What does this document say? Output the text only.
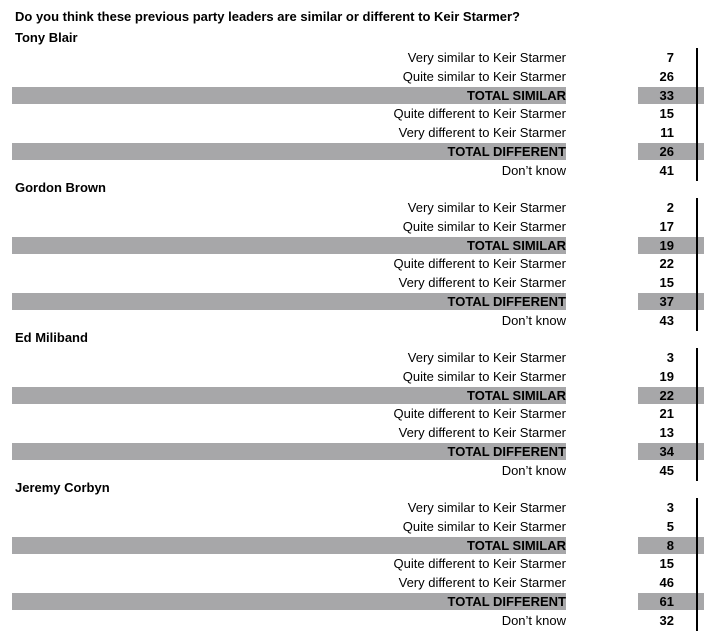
Do you think these previous party leaders are similar or different to Keir Starmer?
Tony Blair
Very similar to Keir Starmer	7
Quite similar to Keir Starmer	26
TOTAL SIMILAR	33
Quite different to Keir Starmer	15
Very different to Keir Starmer	11
TOTAL DIFFERENT	26
Don’t know	41
Gordon Brown
Very similar to Keir Starmer	2
Quite similar to Keir Starmer	17
TOTAL SIMILAR	19
Quite different to Keir Starmer	22
Very different to Keir Starmer	15
TOTAL DIFFERENT	37
Don’t know	43
Ed Miliband
Very similar to Keir Starmer	3
Quite similar to Keir Starmer	19
TOTAL SIMILAR	22
Quite different to Keir Starmer	21
Very different to Keir Starmer	13
TOTAL DIFFERENT	34
Don’t know	45
Jeremy Corbyn
Very similar to Keir Starmer	3
Quite similar to Keir Starmer	5
TOTAL SIMILAR	8
Quite different to Keir Starmer	15
Very different to Keir Starmer	46
TOTAL DIFFERENT	61
Don’t know	32
